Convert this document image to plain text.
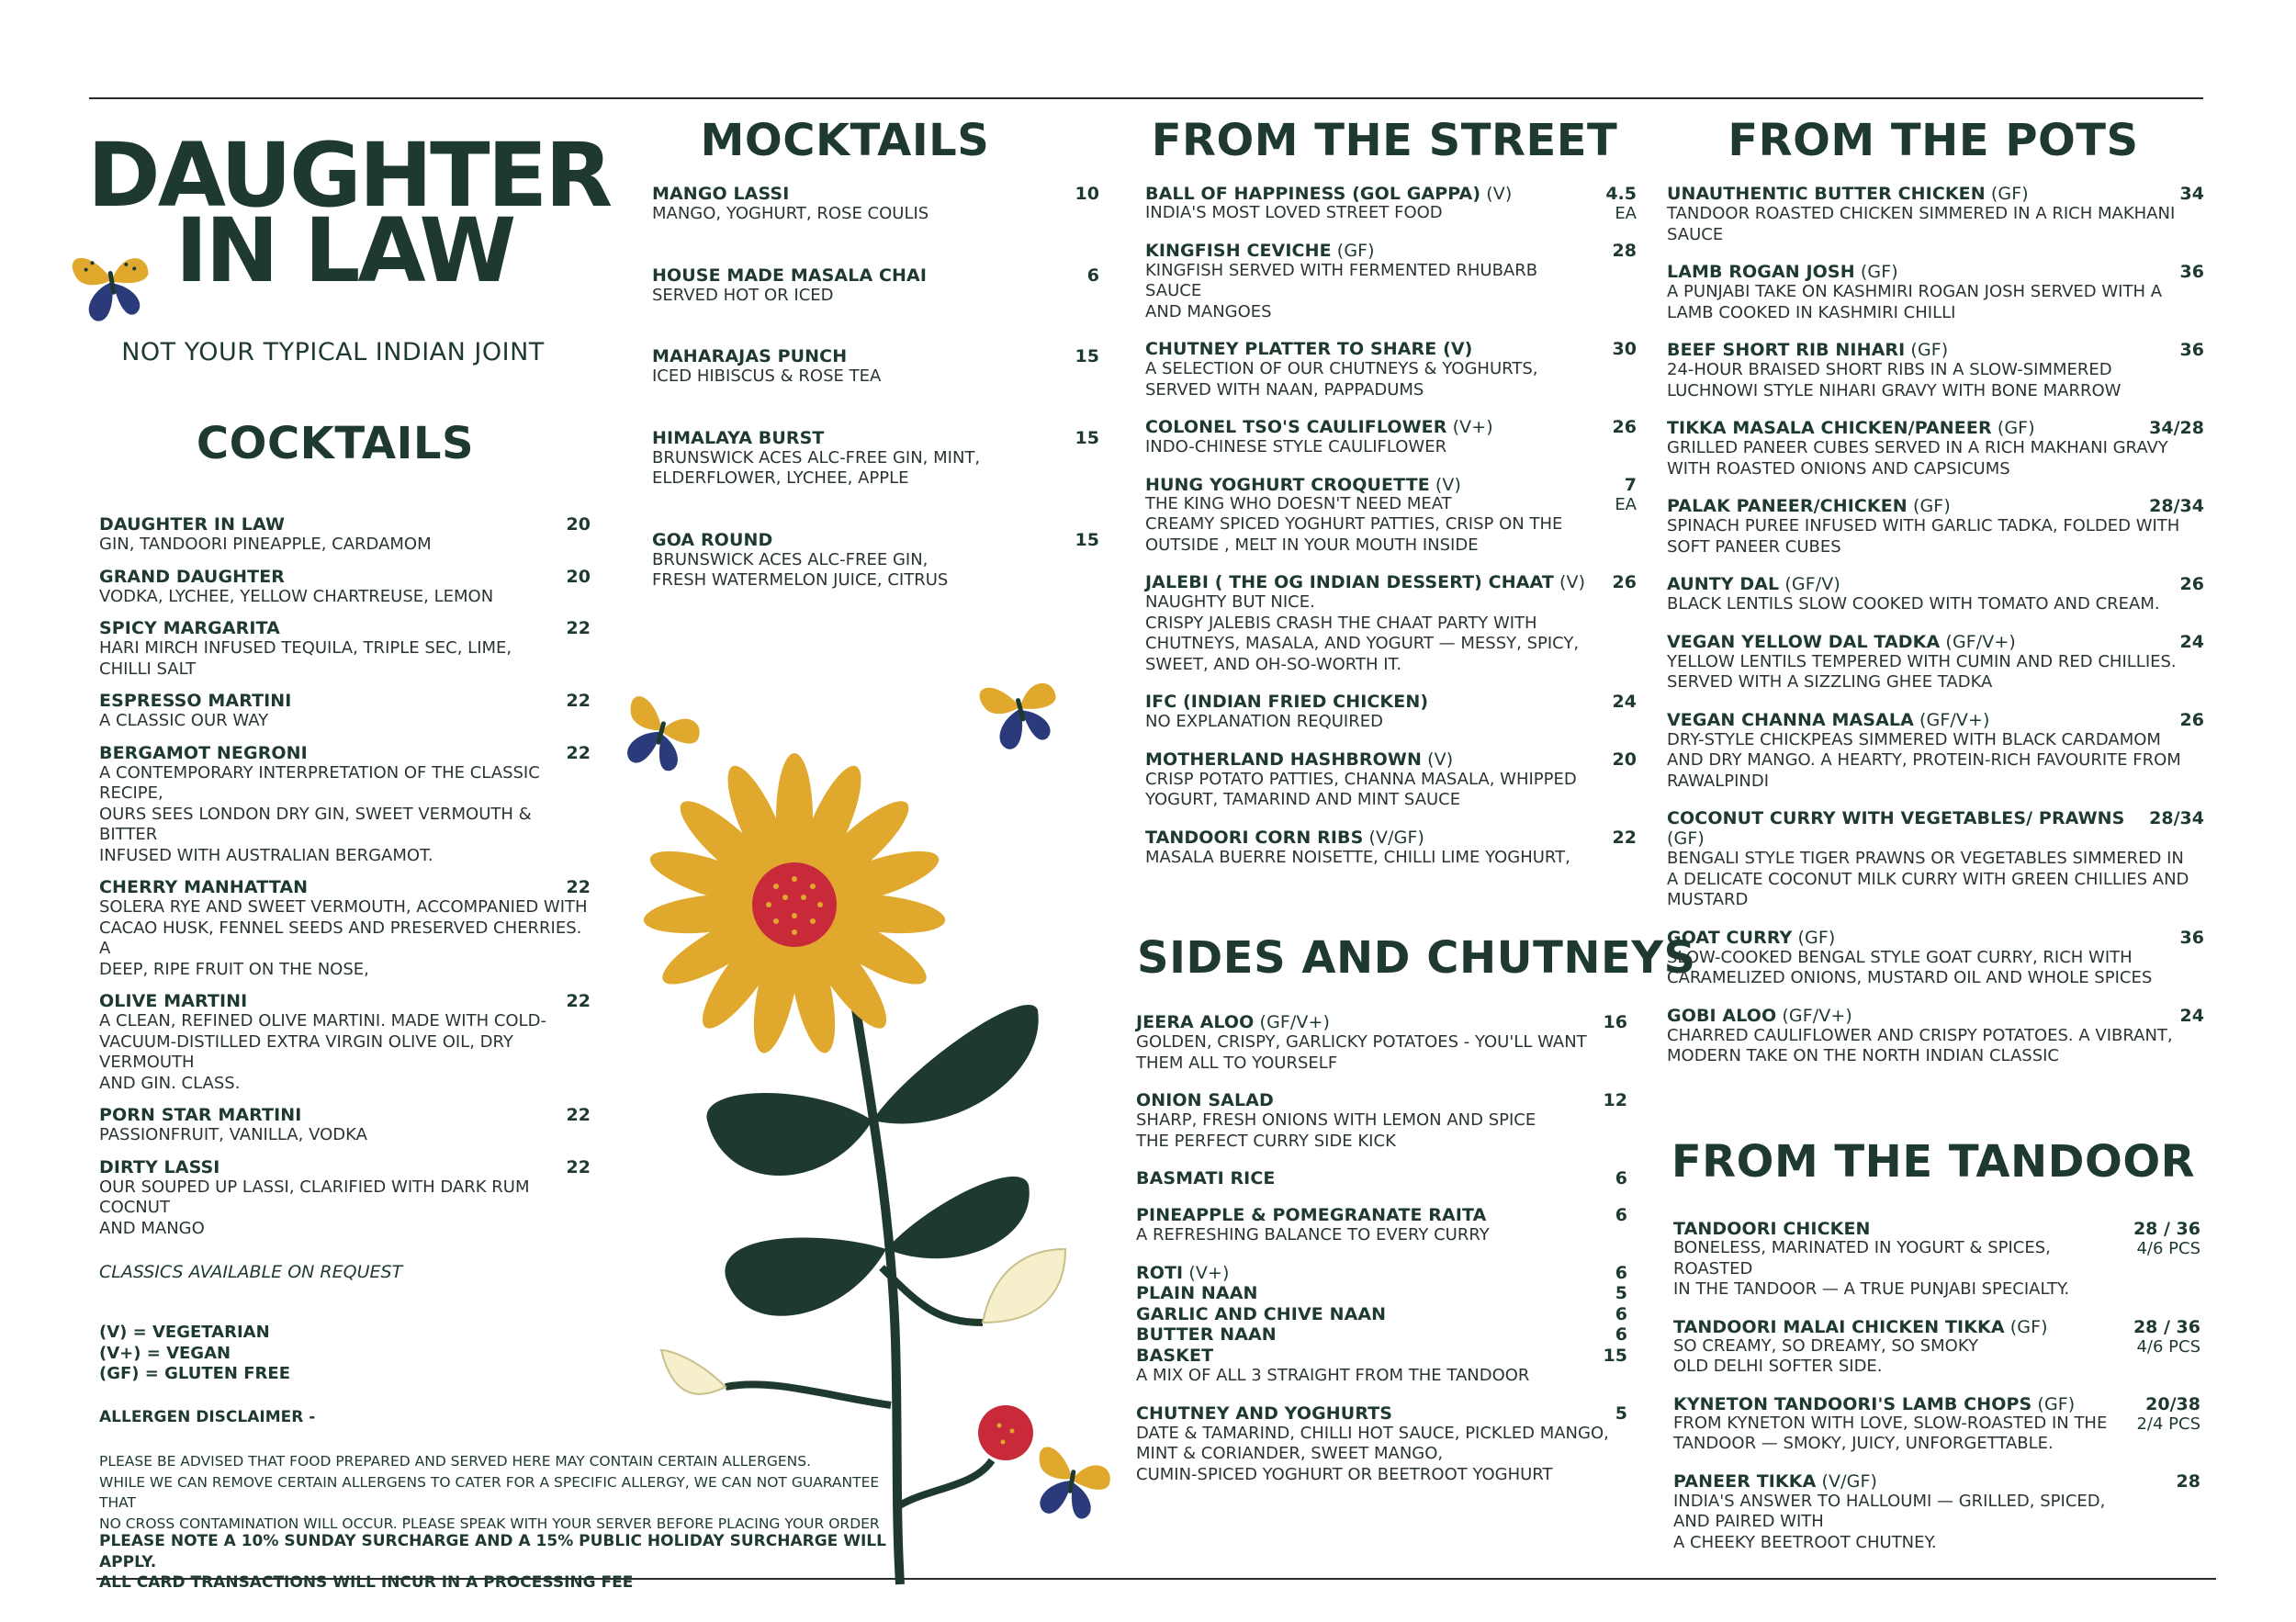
DAUGHTER
IN LAW
NOT YOUR TYPICAL INDIAN JOINT
COCKTAILS
DAUGHTER IN LAW	20
GIN, TANDOORI PINEAPPLE, CARDAMOM
GRAND DAUGHTER	20
VODKA, LYCHEE, YELLOW CHARTREUSE, LEMON
SPICY MARGARITA	22
HARI MIRCH INFUSED TEQUILA, TRIPLE SEC, LIME,
CHILLI SALT
ESPRESSO MARTINI	22
A CLASSIC OUR WAY
BERGAMOT NEGRONI	22
A CONTEMPORARY INTERPRETATION OF THE CLASSIC RECIPE,
OURS SEES LONDON DRY GIN, SWEET VERMOUTH & BITTER
INFUSED WITH AUSTRALIAN BERGAMOT.
CHERRY MANHATTAN	22
SOLERA RYE AND SWEET VERMOUTH, ACCOMPANIED WITH
CACAO HUSK, FENNEL SEEDS AND PRESERVED CHERRIES. A
DEEP, RIPE FRUIT ON THE NOSE,
OLIVE MARTINI	22
A CLEAN, REFINED OLIVE MARTINI. MADE WITH COLD-
VACUUM-DISTILLED EXTRA VIRGIN OLIVE OIL, DRY VERMOUTH
AND GIN. CLASS.
PORN STAR MARTINI	22
PASSIONFRUIT, VANILLA, VODKA
DIRTY LASSI	22
OUR SOUPED UP LASSI, CLARIFIED WITH DARK RUM COCNUT
AND MANGO
CLASSICS AVAILABLE ON REQUEST
(V) = VEGETARIAN
(V+) = VEGAN
(GF) = GLUTEN FREE
ALLERGEN DISCLAIMER -
PLEASE BE ADVISED THAT FOOD PREPARED AND SERVED HERE MAY CONTAIN CERTAIN ALLERGENS.
WHILE WE CAN REMOVE CERTAIN ALLERGENS TO CATER FOR A SPECIFIC ALLERGY, WE CAN NOT GUARANTEE THAT
NO CROSS CONTAMINATION WILL OCCUR. PLEASE SPEAK WITH YOUR SERVER BEFORE PLACING YOUR ORDER
PLEASE NOTE A 10% SUNDAY SURCHARGE AND A 15% PUBLIC HOLIDAY SURCHARGE WILL APPLY.
ALL CARD TRANSACTIONS WILL INCUR IN A PROCESSING FEE
MOCKTAILS
MANGO LASSI	10
MANGO, YOGHURT, ROSE COULIS
HOUSE MADE MASALA CHAI	6
SERVED HOT OR ICED
MAHARAJAS PUNCH	15
ICED HIBISCUS & ROSE TEA
HIMALAYA BURST	15
BRUNSWICK ACES ALC-FREE GIN, MINT,
ELDERFLOWER, LYCHEE, APPLE
GOA ROUND	15
BRUNSWICK ACES ALC-FREE GIN,
FRESH WATERMELON JUICE, CITRUS
FROM THE STREET
BALL OF HAPPINESS (GOL GAPPA) (V)	4.5
EA
INDIA'S MOST LOVED STREET FOOD
KINGFISH CEVICHE (GF)	28
KINGFISH SERVED WITH FERMENTED RHUBARB SAUCE
AND MANGOES
CHUTNEY PLATTER TO SHARE (V)	30
A SELECTION OF OUR CHUTNEYS & YOGHURTS,
SERVED WITH NAAN, PAPPADUMS
COLONEL TSO'S CAULIFLOWER (V+)	26
INDO-CHINESE STYLE CAULIFLOWER
HUNG YOGHURT CROQUETTE (V)	7
EA
THE KING WHO DOESN'T NEED MEAT
CREAMY SPICED YOGHURT PATTIES, CRISP ON THE
OUTSIDE , MELT IN YOUR MOUTH INSIDE
JALEBI ( THE OG INDIAN DESSERT) CHAAT (V) 26
NAUGHTY BUT NICE.
CRISPY JALEBIS CRASH THE CHAAT PARTY WITH
CHUTNEYS, MASALA, AND YOGURT — MESSY, SPICY,
SWEET, AND OH-SO-WORTH IT.
IFC (INDIAN FRIED CHICKEN)	24
NO EXPLANATION REQUIRED
MOTHERLAND HASHBROWN (V)	20
CRISP POTATO PATTIES, CHANNA MASALA, WHIPPED
YOGURT, TAMARIND AND MINT SAUCE
TANDOORI CORN RIBS (V/GF)	22
MASALA BUERRE NOISETTE, CHILLI LIME YOGHURT,
SIDES AND CHUTNEYS
JEERA ALOO (GF/V+)	16
GOLDEN, CRISPY, GARLICKY POTATOES - YOU'LL WANT
THEM ALL TO YOURSELF
ONION SALAD	12
SHARP, FRESH ONIONS WITH LEMON AND SPICE
THE PERFECT CURRY SIDE KICK
BASMATI RICE	6
PINEAPPLE & POMEGRANATE RAITA	6
A REFRESHING BALANCE TO EVERY CURRY
ROTI (V+)	6
PLAIN NAAN	5
GARLIC AND CHIVE NAAN	6
BUTTER NAAN	6
BASKET	15
A MIX OF ALL 3 STRAIGHT FROM THE TANDOOR
CHUTNEY AND YOGHURTS	5
DATE & TAMARIND, CHILLI HOT SAUCE, PICKLED MANGO,
MINT & CORIANDER, SWEET MANGO,
CUMIN-SPICED YOGHURT OR BEETROOT YOGHURT
FROM THE POTS
UNAUTHENTIC BUTTER CHICKEN (GF)	34
TANDOOR ROASTED CHICKEN SIMMERED IN A RICH MAKHANI
SAUCE
LAMB ROGAN JOSH (GF)	36
A PUNJABI TAKE ON KASHMIRI ROGAN JOSH SERVED WITH A
LAMB COOKED IN KASHMIRI CHILLI
BEEF SHORT RIB NIHARI (GF)	36
24-HOUR BRAISED SHORT RIBS IN A SLOW-SIMMERED
LUCHNOWI STYLE NIHARI GRAVY WITH BONE MARROW
TIKKA MASALA CHICKEN/PANEER (GF)	34/28
GRILLED PANEER CUBES SERVED IN A RICH MAKHANI GRAVY
WITH ROASTED ONIONS AND CAPSICUMS
PALAK PANEER/CHICKEN (GF)	28/34
SPINACH PUREE INFUSED WITH GARLIC TADKA, FOLDED WITH
SOFT PANEER CUBES
AUNTY DAL (GF/V)	26
BLACK LENTILS SLOW COOKED WITH TOMATO AND CREAM.
VEGAN YELLOW DAL TADKA (GF/V+)	24
YELLOW LENTILS TEMPERED WITH CUMIN AND RED CHILLIES.
SERVED WITH A SIZZLING GHEE TADKA
VEGAN CHANNA MASALA (GF/V+)	26
DRY-STYLE CHICKPEAS SIMMERED WITH BLACK CARDAMOM
AND DRY MANGO. A HEARTY, PROTEIN-RICH FAVOURITE FROM
RAWALPINDI
COCONUT CURRY WITH VEGETABLES/ PRAWNS (GF)
28/34
BENGALI STYLE TIGER PRAWNS OR VEGETABLES SIMMERED IN
A DELICATE COCONUT MILK CURRY WITH GREEN CHILLIES AND
MUSTARD
GOAT CURRY (GF)	36
SLOW-COOKED BENGAL STYLE GOAT CURRY, RICH WITH
CARAMELIZED ONIONS, MUSTARD OIL AND WHOLE SPICES
GOBI ALOO (GF/V+)	24
CHARRED CAULIFLOWER AND CRISPY POTATOES. A VIBRANT,
MODERN TAKE ON THE NORTH INDIAN CLASSIC
FROM THE TANDOOR
TANDOORI CHICKEN	28 / 36
4/6 PCS
BONELESS, MARINATED IN YOGURT & SPICES, ROASTED
IN THE TANDOOR — A TRUE PUNJABI SPECIALTY.
TANDOORI MALAI CHICKEN TIKKA (GF)	28 / 36
4/6 PCS
SO CREAMY, SO DREAMY, SO SMOKY
OLD DELHI SOFTER SIDE.
KYNETON TANDOORI'S LAMB CHOPS (GF)	20/38
2/4 PCS
FROM KYNETON WITH LOVE, SLOW-ROASTED IN THE
TANDOOR — SMOKY, JUICY, UNFORGETTABLE.
PANEER TIKKA (V/GF)	28
INDIA'S ANSWER TO HALLOUMI — GRILLED, SPICED, AND PAIRED WITH
A CHEEKY BEETROOT CHUTNEY.
